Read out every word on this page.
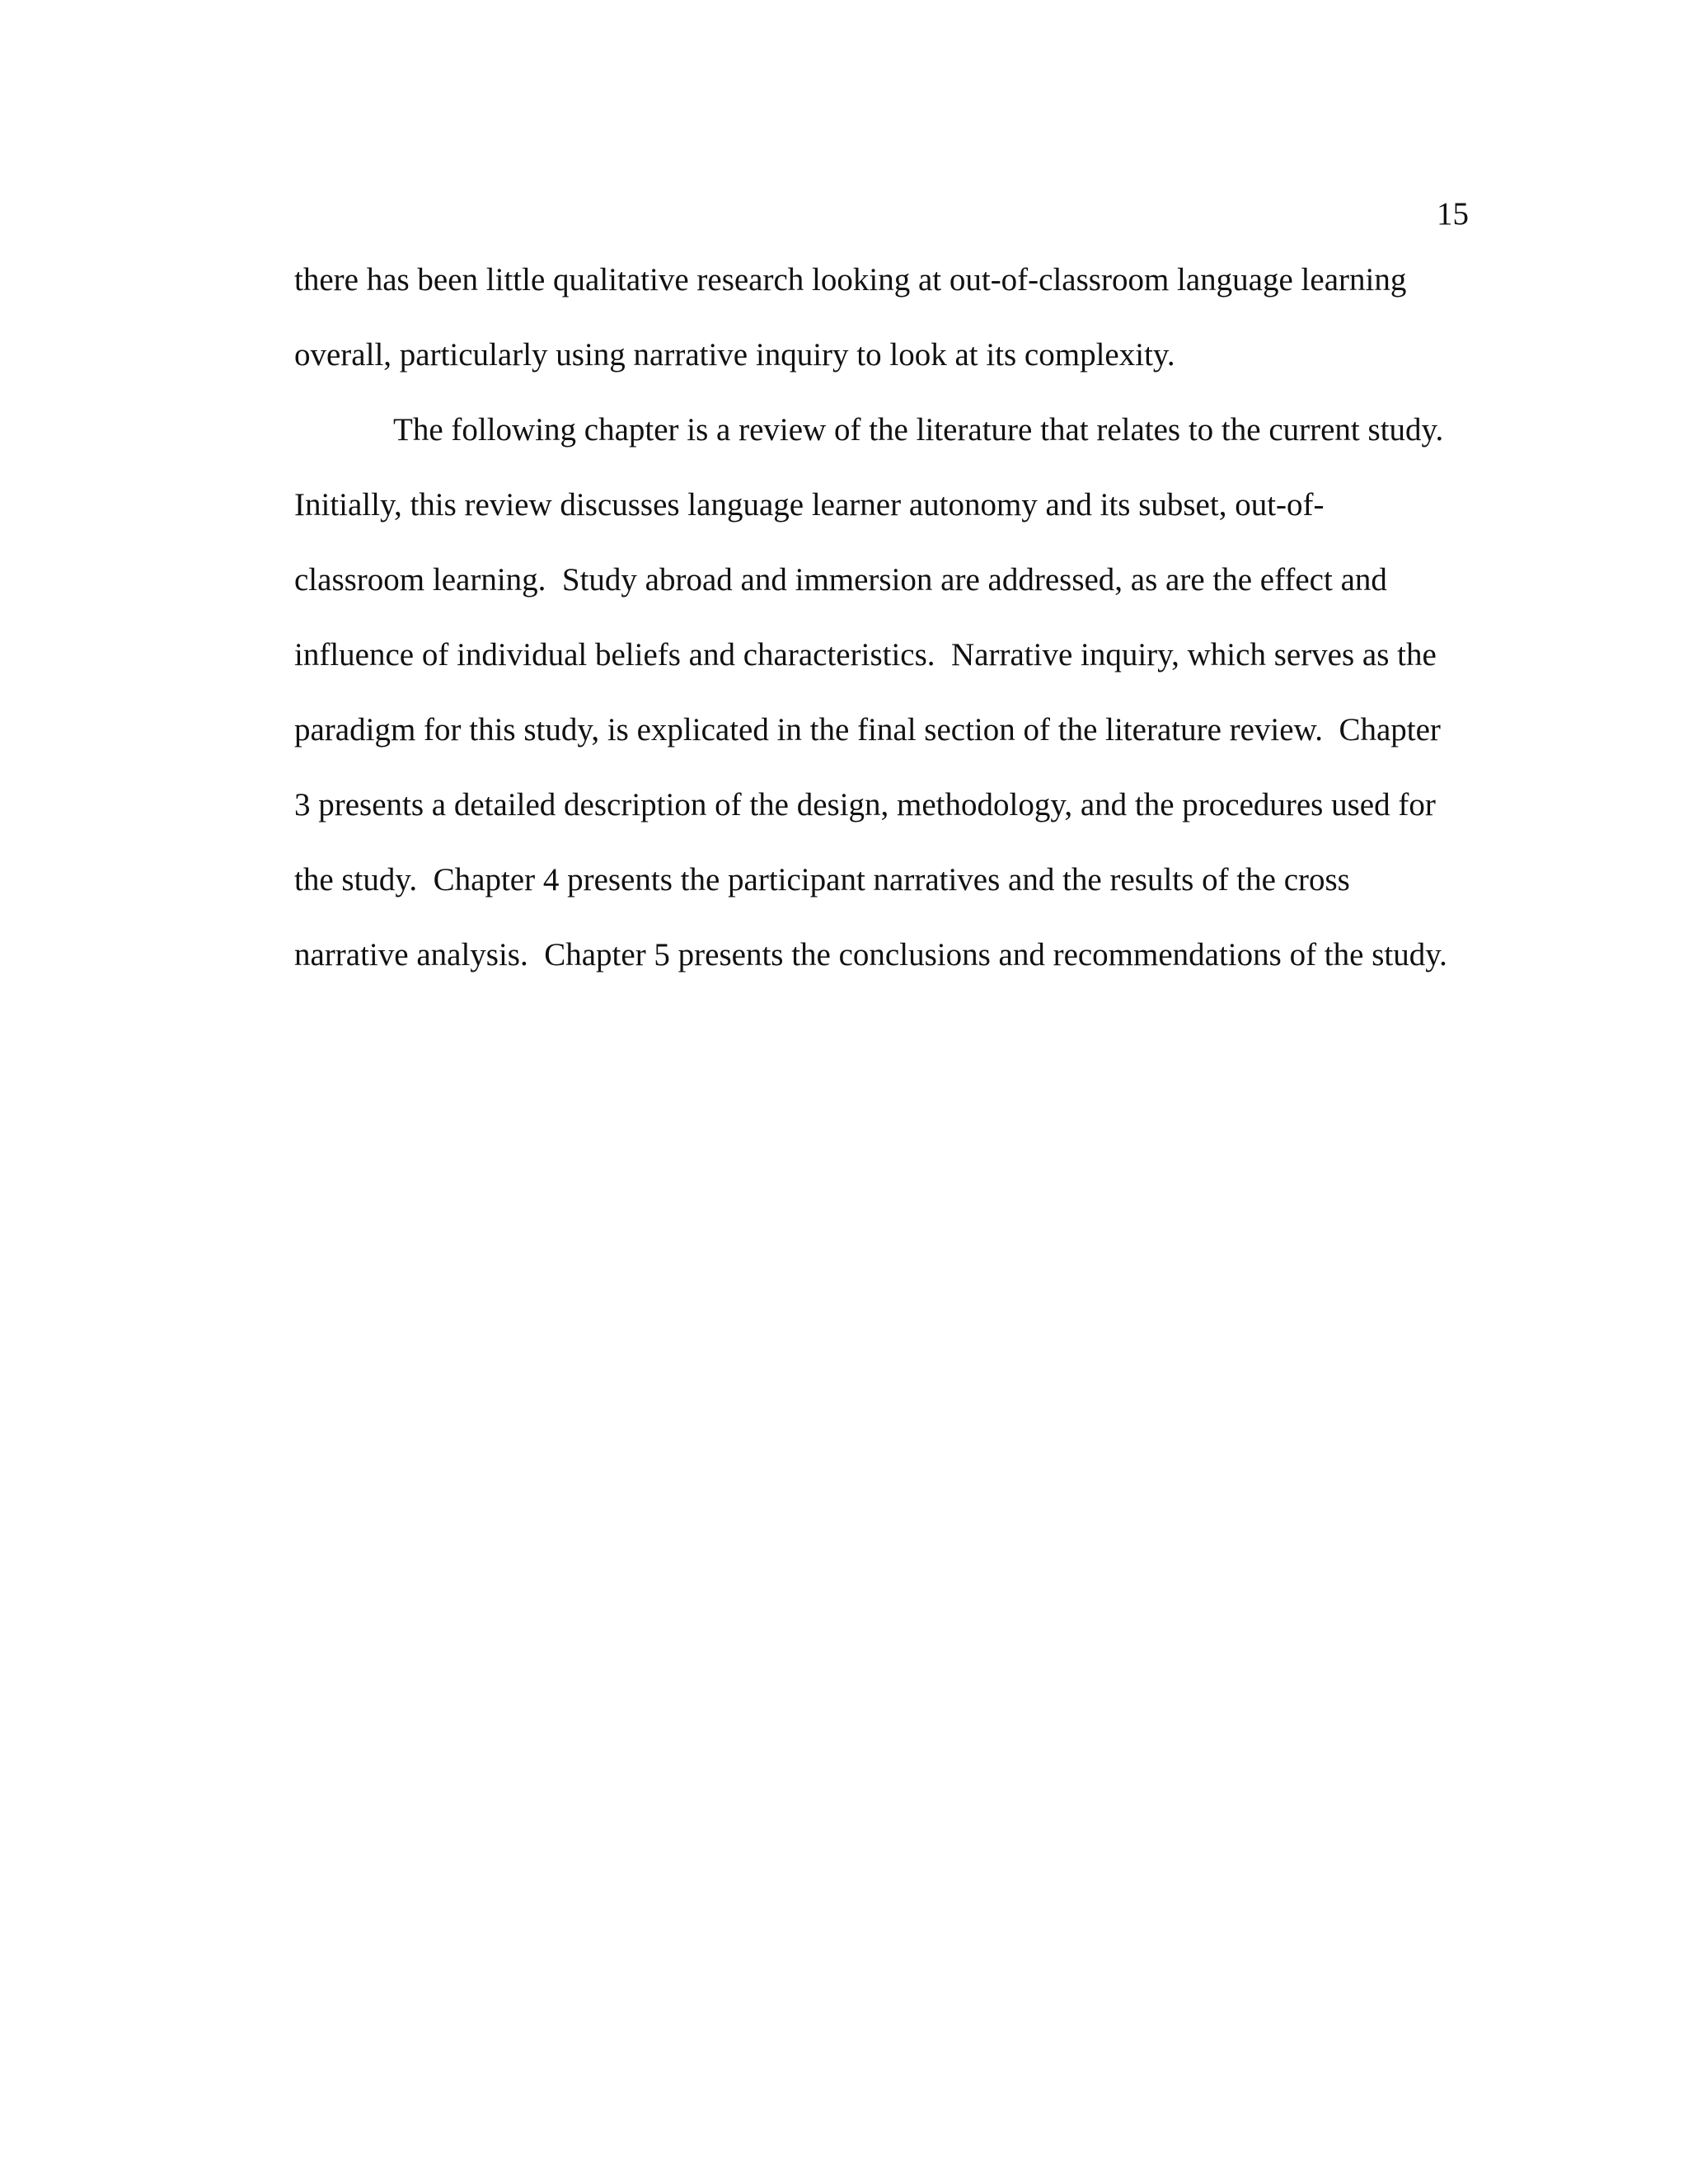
15
there has been little qualitative research looking at out-of-classroom language learning
overall, particularly using narrative inquiry to look at its complexity.
The following chapter is a review of the literature that relates to the current study.
Initially, this review discusses language learner autonomy and its subset, out-of-
classroom learning.  Study abroad and immersion are addressed, as are the effect and
influence of individual beliefs and characteristics.  Narrative inquiry, which serves as the
paradigm for this study, is explicated in the final section of the literature review.  Chapter
3 presents a detailed description of the design, methodology, and the procedures used for
the study.  Chapter 4 presents the participant narratives and the results of the cross
narrative analysis.  Chapter 5 presents the conclusions and recommendations of the study.
